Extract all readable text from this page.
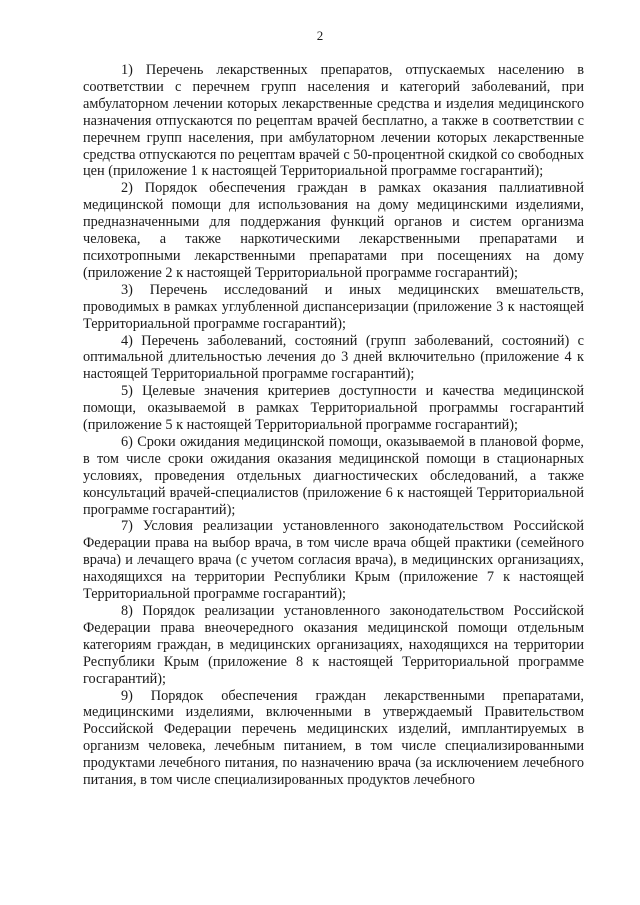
2

1) Перечень лекарственных препаратов, отпускаемых населению в соответствии с перечнем групп населения и категорий заболеваний, при амбулаторном лечении которых лекарственные средства и изделия медицинского назначения отпускаются по рецептам врачей бесплатно, а также в соответствии с перечнем групп населения, при амбулаторном лечении которых лекарственные средства отпускаются по рецептам врачей с 50-процентной скидкой со свободных цен (приложение 1 к настоящей Территориальной программе госгарантий);

2) Порядок обеспечения граждан в рамках оказания паллиативной медицинской помощи для использования на дому медицинскими изделиями, предназначенными для поддержания функций органов и систем организма человека, а также наркотическими лекарственными препаратами и психотропными лекарственными препаратами при посещениях на дому (приложение 2 к настоящей Территориальной программе госгарантий);

3) Перечень исследований и иных медицинских вмешательств, проводимых в рамках углубленной диспансеризации (приложение 3 к настоящей Территориальной программе госгарантий);

4) Перечень заболеваний, состояний (групп заболеваний, состояний) с оптимальной длительностью лечения до 3 дней включительно (приложение 4 к настоящей Территориальной программе госгарантий);

5) Целевые значения критериев доступности и качества медицинской помощи, оказываемой в рамках Территориальной программы госгарантий (приложение 5 к настоящей Территориальной программе госгарантий);

6) Сроки ожидания медицинской помощи, оказываемой в плановой форме, в том числе сроки ожидания оказания медицинской помощи в стационарных условиях, проведения отдельных диагностических обследований, а также консультаций врачей-специалистов (приложение 6 к настоящей Территориальной программе госгарантий);

7) Условия реализации установленного законодательством Российской Федерации права на выбор врача, в том числе врача общей практики (семейного врача) и лечащего врача (с учетом согласия врача), в медицинских организациях, находящихся на территории Республики Крым (приложение 7 к настоящей Территориальной программе госгарантий);

8) Порядок реализации установленного законодательством Российской Федерации права внеочередного оказания медицинской помощи отдельным категориям граждан, в медицинских организациях, находящихся на территории Республики Крым (приложение 8 к настоящей Территориальной программе госгарантий);

9) Порядок обеспечения граждан лекарственными препаратами, медицинскими изделиями, включенными в утверждаемый Правительством Российской Федерации перечень медицинских изделий, имплантируемых в организм человека, лечебным питанием, в том числе специализированными продуктами лечебного питания, по назначению врача (за исключением лечебного питания, в том числе специализированных продуктов лечебного
